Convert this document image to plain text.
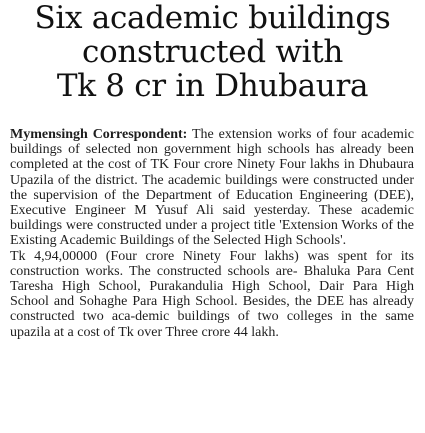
Six academic buildings
constructed with
Tk 8 cr in Dhubaura

Mymensingh Correspondent: The extension works of four academic buildings of selected non government high schools has already been completed at the cost of TK Four crore Ninety Four lakhs in Dhubaura Upazila of the district. The academic buildings were constructed under the supervision of the Department of Education Engineering (DEE), Executive Engineer M Yusuf Ali said yesterday. These academic buildings were constructed under a project title 'Extension Works of the Existing Academic Buildings of the Selected High Schools'.

Tk 4,94,00000 (Four crore Ninety Four lakhs) was spent for its construction works. The constructed schools are- Bhaluka Para Cent Taresha High School, Purakandulia High School, Dair Para High School and Sohaghe Para High School. Besides, the DEE has already constructed two aca-demic buildings of two colleges in the same upazila at a cost of Tk over Three crore 44 lakh.
